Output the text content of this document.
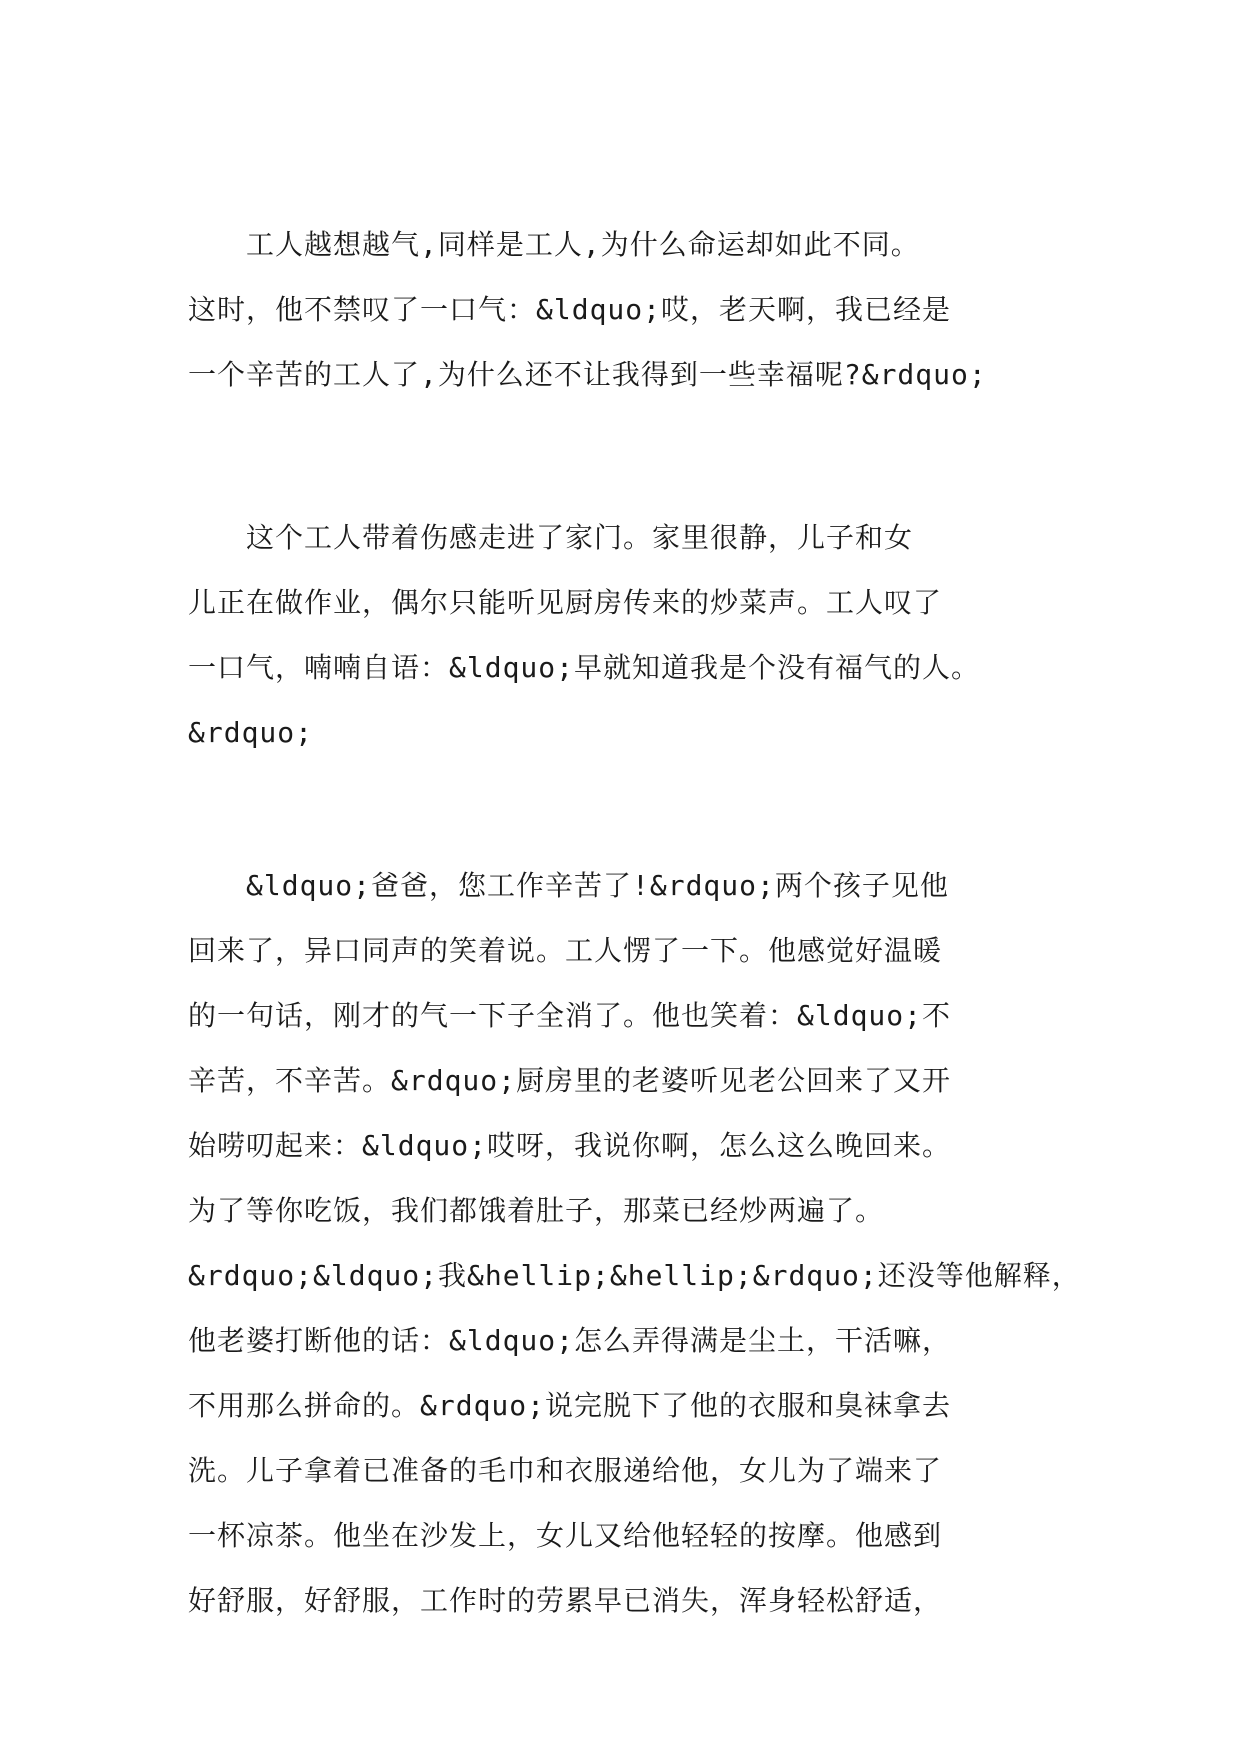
　　工人越想越气,同样是工人,为什么命运却如此不同。
这时，他不禁叹了一口气：&ldquo;哎，老天啊，我已经是
一个辛苦的工人了,为什么还不让我得到一些幸福呢?&rdquo;
　　这个工人带着伤感走进了家门。家里很静，儿子和女
儿正在做作业，偶尔只能听见厨房传来的炒菜声。工人叹了
一口气，喃喃自语：&ldquo;早就知道我是个没有福气的人。
&rdquo;
　　&ldquo;爸爸，您工作辛苦了!&rdquo;两个孩子见他
回来了，异口同声的笑着说。工人愣了一下。他感觉好温暖
的一句话，刚才的气一下子全消了。他也笑着：&ldquo;不
辛苦，不辛苦。&rdquo;厨房里的老婆听见老公回来了又开
始唠叨起来：&ldquo;哎呀，我说你啊，怎么这么晚回来。
为了等你吃饭，我们都饿着肚子，那菜已经炒两遍了。
&rdquo;&ldquo;我&hellip;&hellip;&rdquo;还没等他解释，
他老婆打断他的话：&ldquo;怎么弄得满是尘土，干活嘛，
不用那么拼命的。&rdquo;说完脱下了他的衣服和臭袜拿去
洗。儿子拿着已准备的毛巾和衣服递给他，女儿为了端来了
一杯凉茶。他坐在沙发上，女儿又给他轻轻的按摩。他感到
好舒服，好舒服，工作时的劳累早已消失，浑身轻松舒适，
